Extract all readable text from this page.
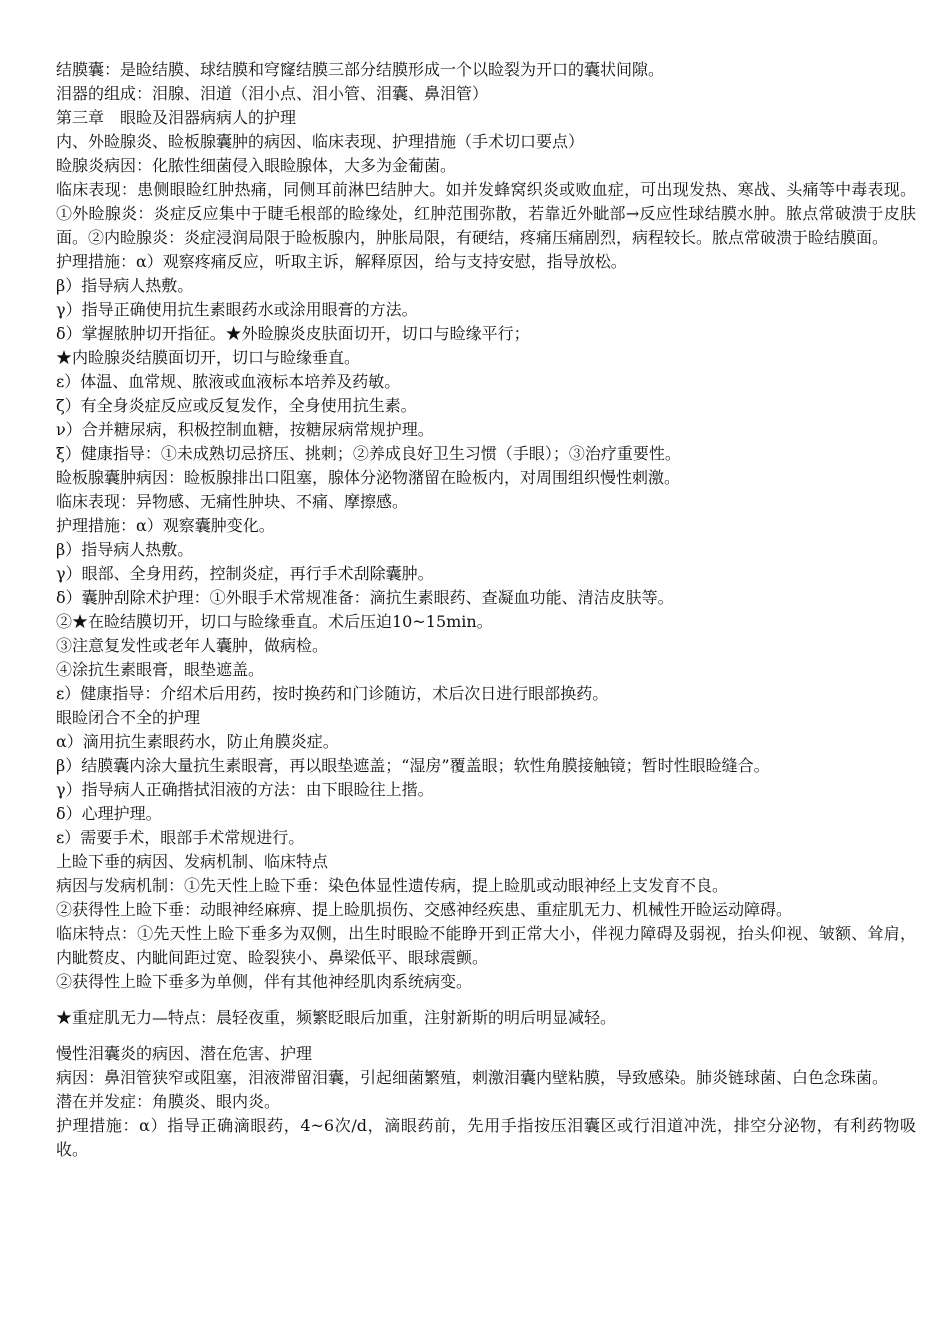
结膜囊：是睑结膜、球结膜和穹窿结膜三部分结膜形成一个以睑裂为开口的囊状间隙。

泪器的组成：泪腺、泪道（泪小点、泪小管、泪囊、鼻泪管）

第三章　眼睑及泪器病病人的护理

内、外睑腺炎、睑板腺囊肿的病因、临床表现、护理措施（手术切口要点）

睑腺炎病因：化脓性细菌侵入眼睑腺体，大多为金葡菌。

临床表现：患侧眼睑红肿热痛，同侧耳前淋巴结肿大。如并发蜂窝织炎或败血症，可出现发热、寒战、头痛等中毒表现。①外睑腺炎：炎症反应集中于睫毛根部的睑缘处，红肿范围弥散，若靠近外眦部→反应性球结膜水肿。脓点常破溃于皮肤面。②内睑腺炎：炎症浸润局限于睑板腺内，肿胀局限，有硬结，疼痛压痛剧烈，病程较长。脓点常破溃于睑结膜面。

护理措施：α）观察疼痛反应，听取主诉，解释原因，给与支持安慰，指导放松。

β）指导病人热敷。

γ）指导正确使用抗生素眼药水或涂用眼膏的方法。

δ）掌握脓肿切开指征。★外睑腺炎皮肤面切开，切口与睑缘平行；

★内睑腺炎结膜面切开，切口与睑缘垂直。

ε）体温、血常规、脓液或血液标本培养及药敏。

ζ）有全身炎症反应或反复发作，全身使用抗生素。

ν）合并糖尿病，积极控制血糖，按糖尿病常规护理。

ξ）健康指导：①未成熟切忌挤压、挑刺；②养成良好卫生习惯（手眼）；③治疗重要性。

睑板腺囊肿病因：睑板腺排出口阻塞，腺体分泌物潴留在睑板内，对周围组织慢性刺激。

临床表现：异物感、无痛性肿块、不痛、摩擦感。

护理措施：α）观察囊肿变化。

β）指导病人热敷。

γ）眼部、全身用药，控制炎症，再行手术刮除囊肿。

δ）囊肿刮除术护理：①外眼手术常规准备：滴抗生素眼药、查凝血功能、清洁皮肤等。

②★在睑结膜切开，切口与睑缘垂直。术后压迫10~15min。

③注意复发性或老年人囊肿，做病检。

④涂抗生素眼膏，眼垫遮盖。

ε）健康指导：介绍术后用药，按时换药和门诊随访，术后次日进行眼部换药。

眼睑闭合不全的护理

α）滴用抗生素眼药水，防止角膜炎症。

β）结膜囊内涂大量抗生素眼膏，再以眼垫遮盖；“湿房”覆盖眼；软性角膜接触镜；暂时性眼睑缝合。

γ）指导病人正确揩拭泪液的方法：由下眼睑往上揩。

δ）心理护理。

ε）需要手术，眼部手术常规进行。

上睑下垂的病因、发病机制、临床特点

病因与发病机制：①先天性上睑下垂：染色体显性遗传病，提上睑肌或动眼神经上支发育不良。

②获得性上睑下垂：动眼神经麻痹、提上睑肌损伤、交感神经疾患、重症肌无力、机械性开睑运动障碍。

临床特点：①先天性上睑下垂多为双侧，出生时眼睑不能睁开到正常大小，伴视力障碍及弱视，抬头仰视、皱额、耸肩，内眦赘皮、内眦间距过宽、睑裂狭小、鼻梁低平、眼球震颤。

②获得性上睑下垂多为单侧，伴有其他神经肌肉系统病变。

★重症肌无力—特点：晨轻夜重，频繁眨眼后加重，注射新斯的明后明显减轻。

慢性泪囊炎的病因、潜在危害、护理

病因：鼻泪管狭窄或阻塞，泪液滞留泪囊，引起细菌繁殖，刺激泪囊内壁粘膜，导致感染。肺炎链球菌、白色念珠菌。

潜在并发症：角膜炎、眼内炎。

护理措施：α）指导正确滴眼药，4~6次/d，滴眼药前，先用手指按压泪囊区或行泪道冲洗，排空分泌物，有利药物吸收。
